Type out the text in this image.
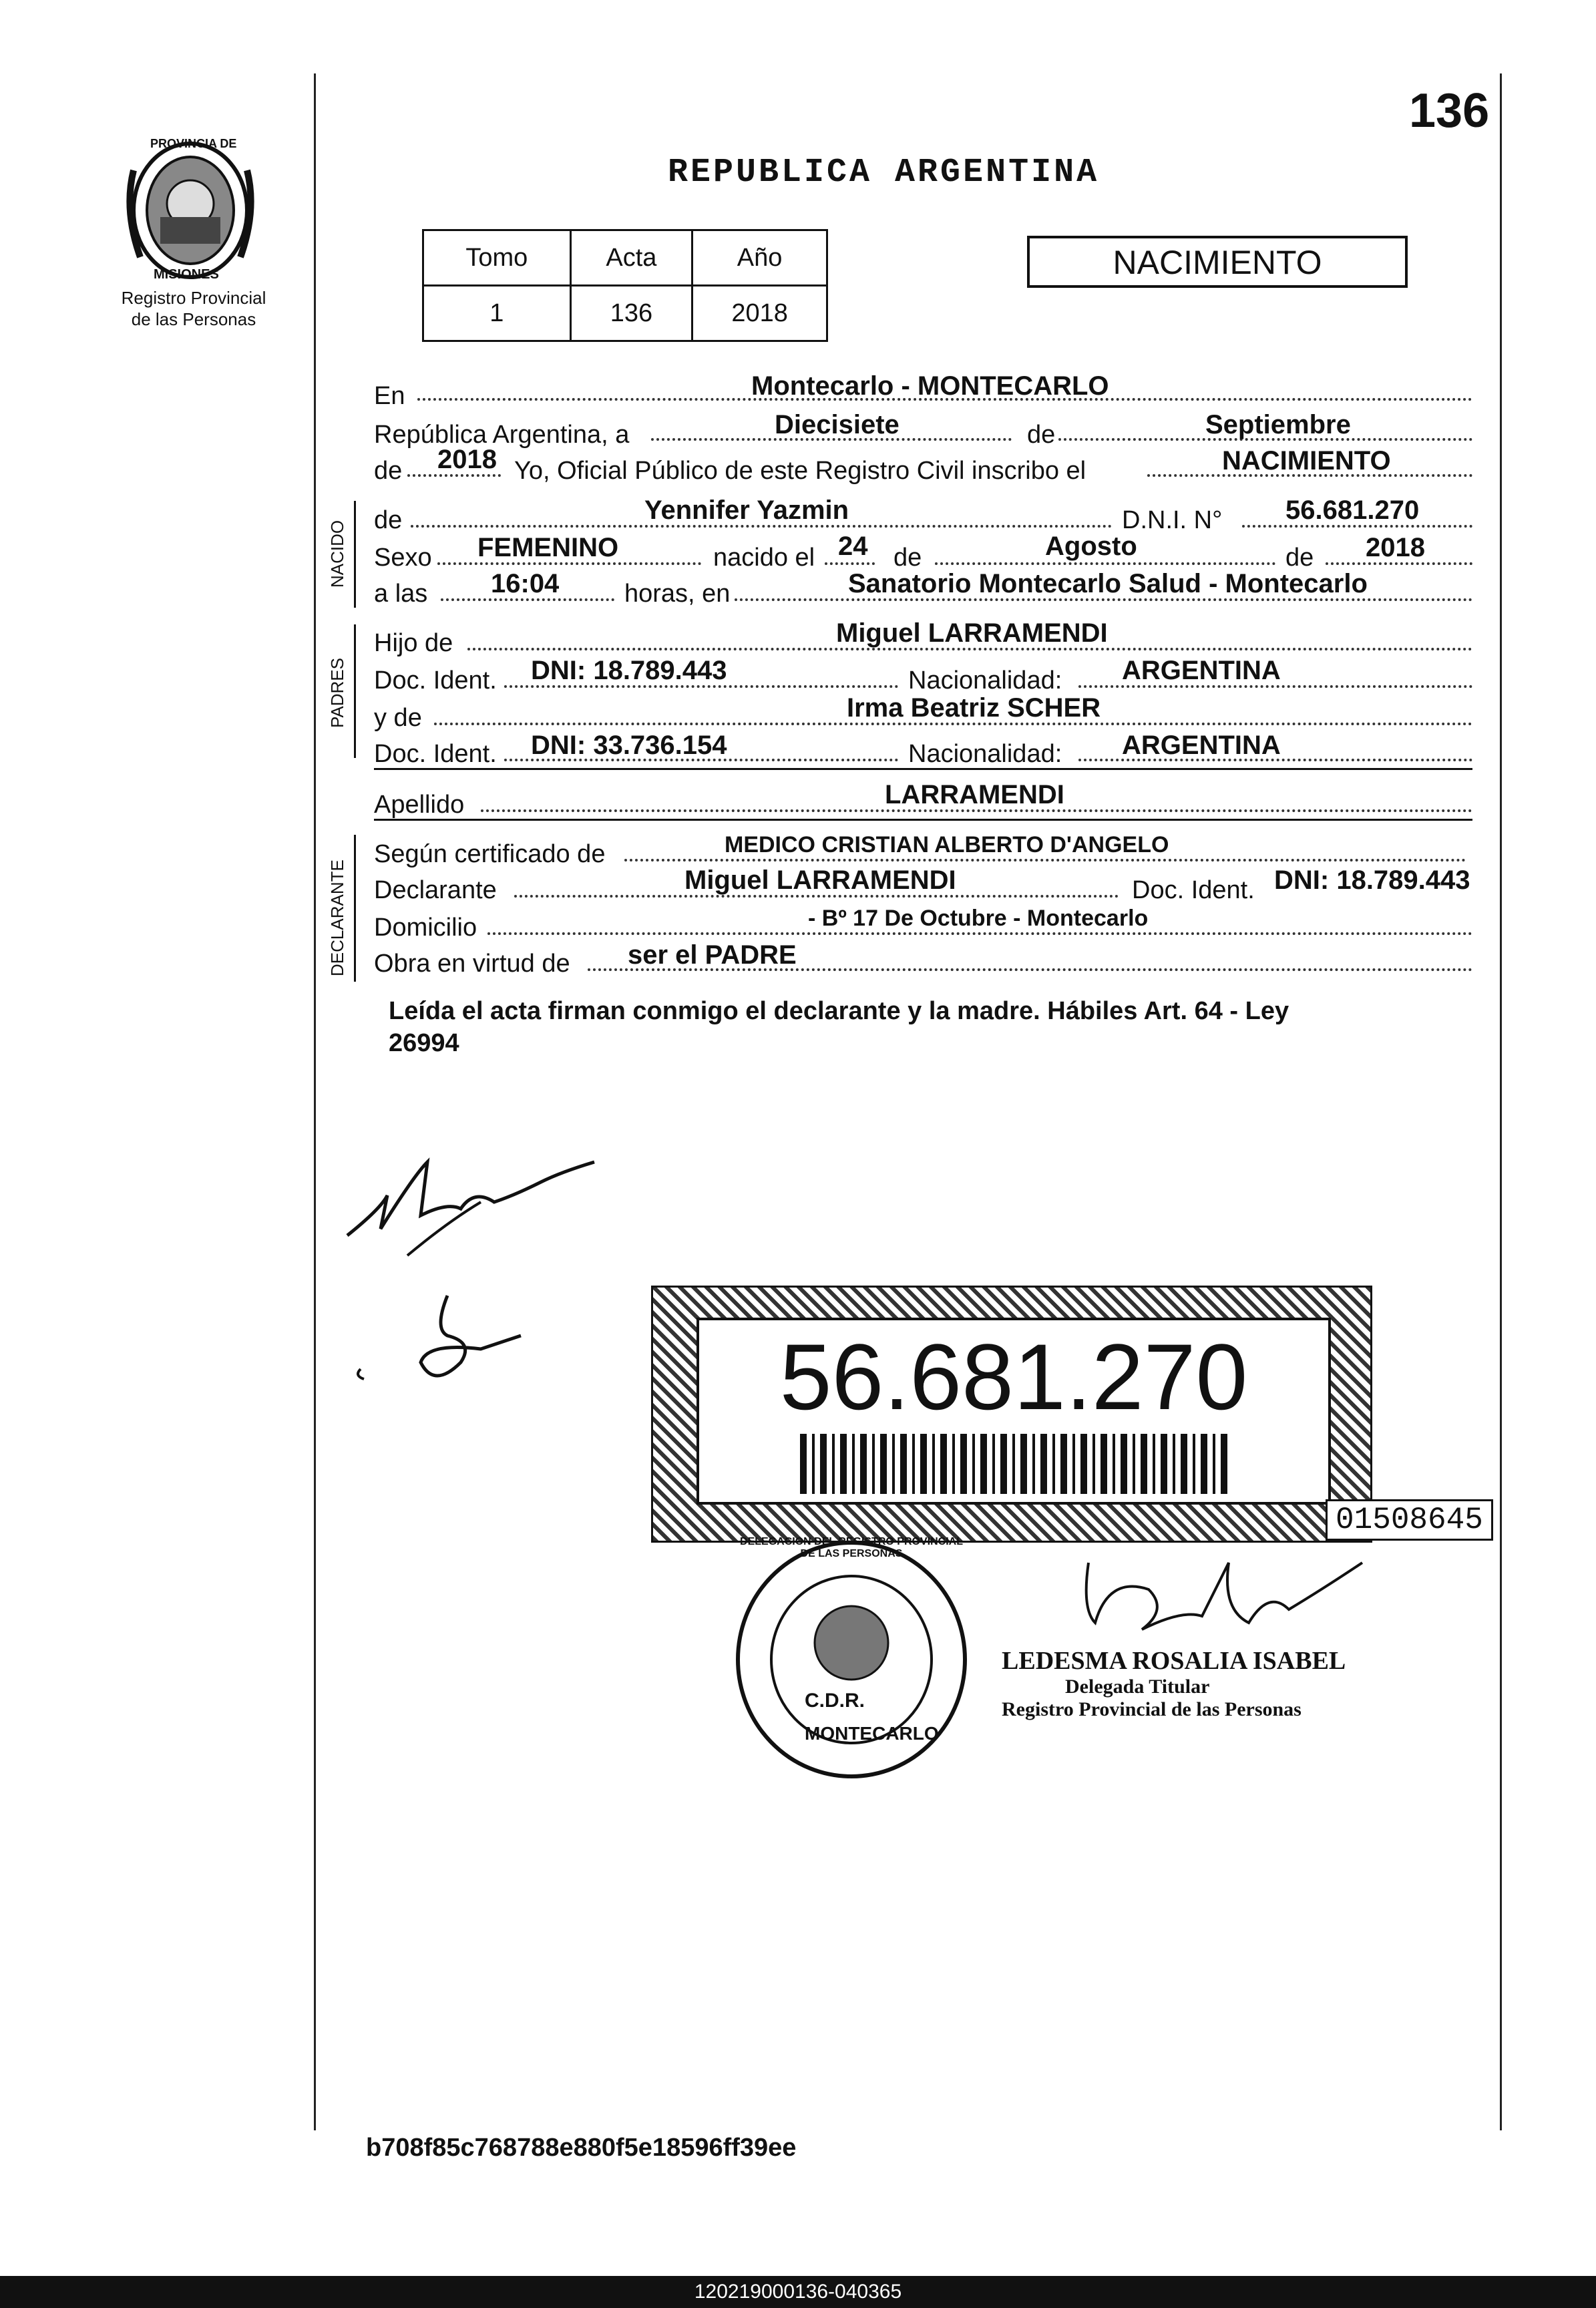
136
PROVINCIA DE
MISIONES
Registro Provincial
de las Personas
REPUBLICA ARGENTINA
Tomo	Acta	Año
1	136	2018
NACIMIENTO
En	Montecarlo - MONTECARLO
República Argentina, a	Diecisiete	de	Septiembre
de 2018 Yo, Oficial Público de este Registro Civil inscribo el	NACIMIENTO
NACIDO de	Yennifer Yazmin	D.N.I. N° 56.681.270
Sexo FEMENINO	nacido el 24 de	Agosto	de 2018
a las 16:04	horas, en	Sanatorio Montecarlo Salud - Montecarlo
PADRES
Hijo de	Miguel LARRAMENDI
Doc. Ident. DNI: 18.789.443	Nacionalidad: ARGENTINA
y de	Irma Beatriz SCHER
Doc. Ident. DNI: 33.736.154	Nacionalidad: ARGENTINA
Apellido	LARRAMENDI
DECLARANTE
Según certificado de	MEDICO CRISTIAN ALBERTO D'ANGELO
Declarante	Miguel LARRAMENDI	Doc. Ident. DNI: 18.789.443
Domicilio	- Bº 17 De Octubre - Montecarlo
Obra en virtud de ser el PADRE
Leída el acta firman conmigo el declarante y la madre. Hábiles Art. 64 - Ley
26994
56.681.270
01508645
DELEGACION DEL REGISTRO PROVINCIAL DE LAS PERSONAS
C.D.R.
MONTECARLO
LEDESMA ROSALIA ISABEL
Delegada Titular
Registro Provincial de las Personas
b708f85c768788e880f5e18596ff39ee
120219000136-040365
